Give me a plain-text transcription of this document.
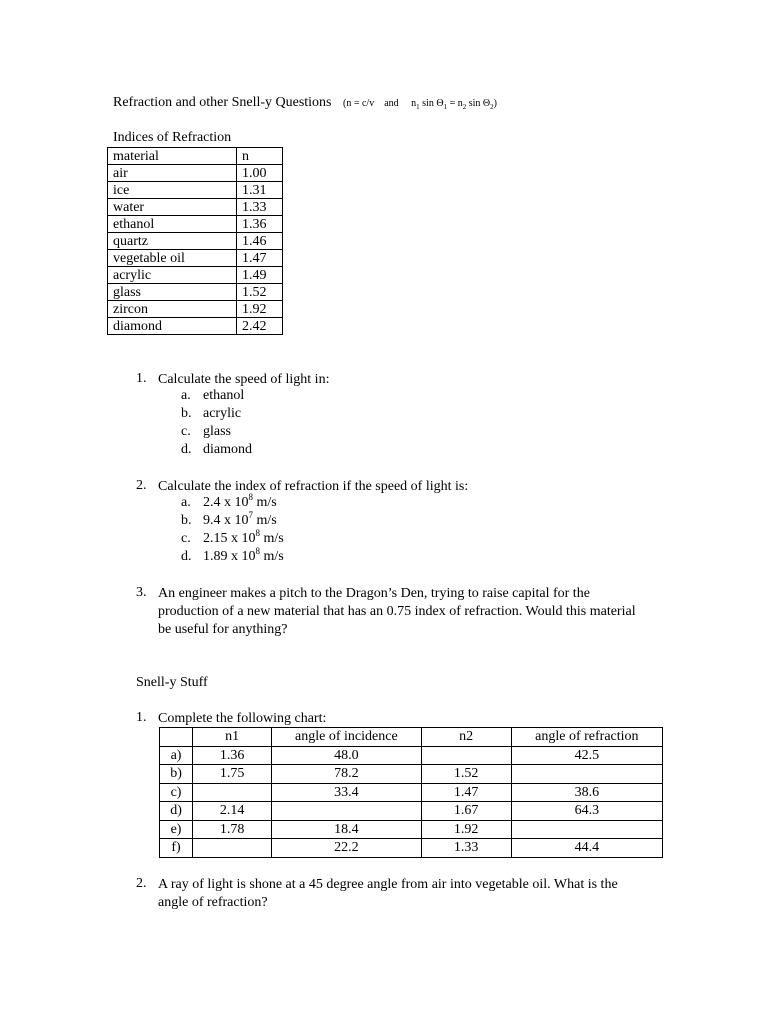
Refraction and other Snell-y Questions (n = c/v and $n_1$ $\sin \Theta_1 = n_2$ $\sin \Theta_2$)
Indices of Refraction
material	n
air	1.00
ice	1.31
water	1.33
ethanol	1.36
quartz	1.46
vegetable oil	1.47
acrylic	1.49
glass	1.52
zircon	1.92
diamond	2.42
1. Calculate the speed of light in:
a. ethanol
b. acrylic
c. glass
d. diamond
2. Calculate the index of refraction if the speed of light is:
a. 2.4 x $10^8$ m/s
b. 9.4 x $10^7$ m/s
c. 2.15 x $10^8$ m/s
d. 1.89 x $10^8$ m/s
3. An engineer makes a pitch to the Dragon’s Den, trying to raise capital for the production of a new material that has an 0.75 index of refraction. Would this material be useful for anything?
Snell-y Stuff
1. Complete the following chart:
	n1	angle of incidence	n2	angle of refraction
a)	1.36	48.0		42.5
b)	1.75	78.2	1.52	
c)		33.4	1.47	38.6
d)	2.14		1.67	64.3
e)	1.78	18.4	1.92	
f)		22.2	1.33	44.4
2. A ray of light is shone at a 45 degree angle from air into vegetable oil. What is the angle of refraction?
